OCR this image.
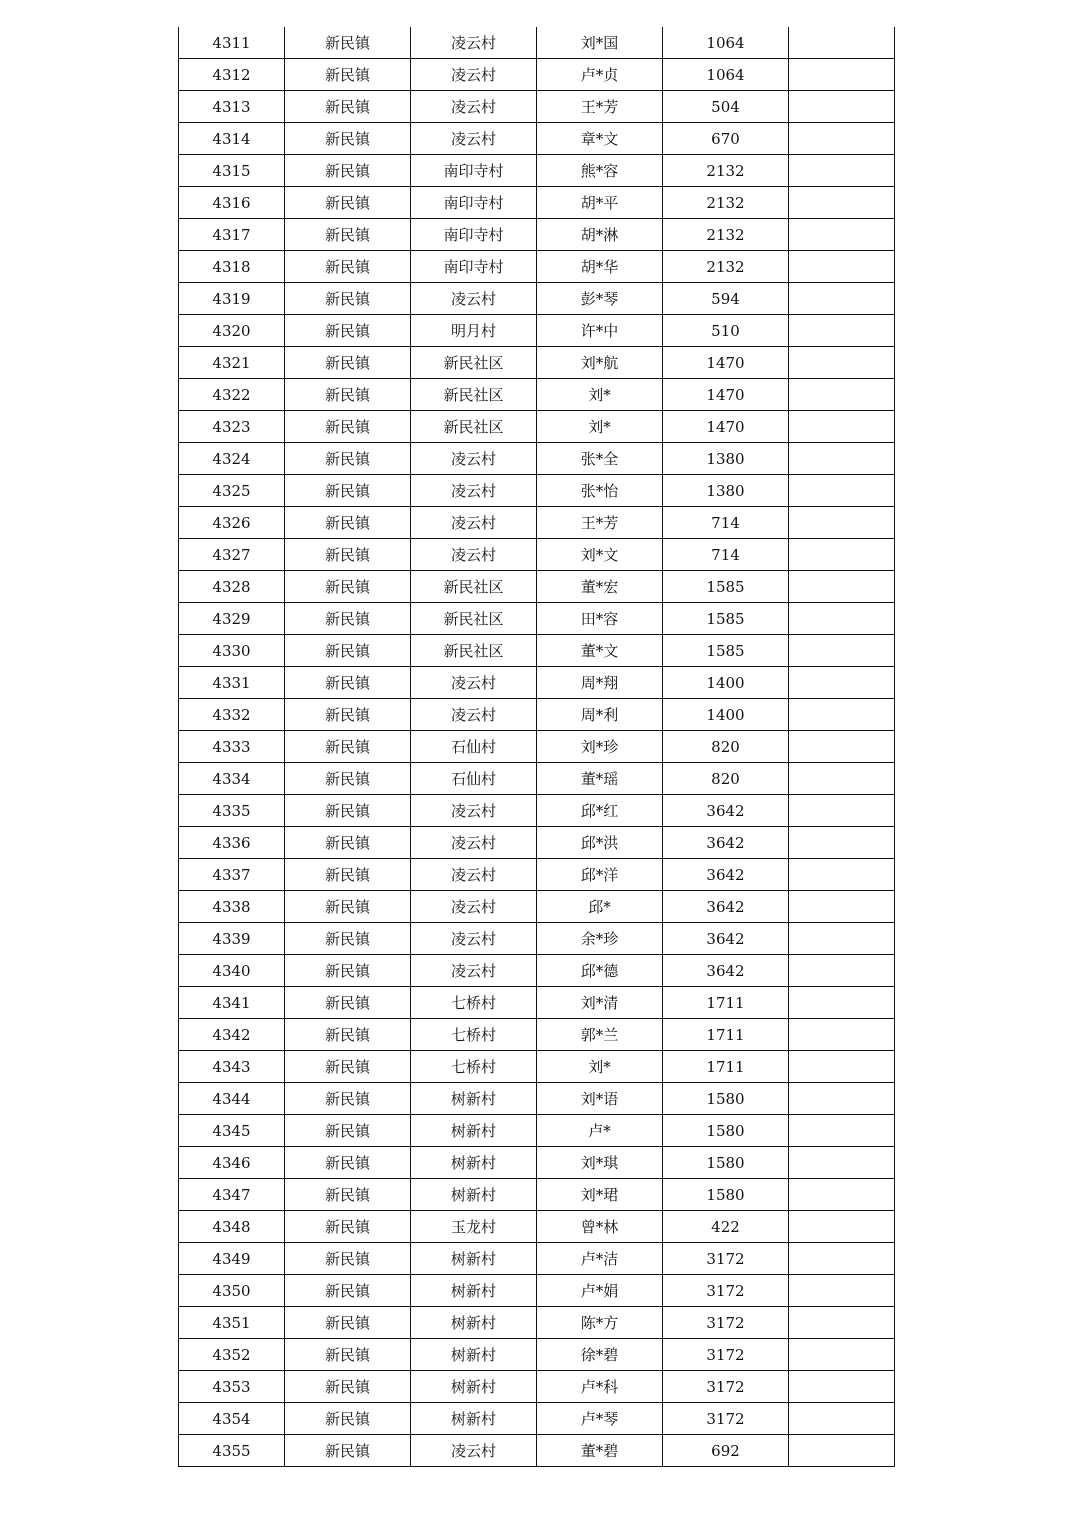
4311	新民镇	凌云村	刘*国	1064	
4312	新民镇	凌云村	卢*贞	1064	
4313	新民镇	凌云村	王*芳	504	
4314	新民镇	凌云村	章*文	670	
4315	新民镇	南印寺村	熊*容	2132	
4316	新民镇	南印寺村	胡*平	2132	
4317	新民镇	南印寺村	胡*淋	2132	
4318	新民镇	南印寺村	胡*华	2132	
4319	新民镇	凌云村	彭*琴	594	
4320	新民镇	明月村	许*中	510	
4321	新民镇	新民社区	刘*航	1470	
4322	新民镇	新民社区	刘*	1470	
4323	新民镇	新民社区	刘*	1470	
4324	新民镇	凌云村	张*全	1380	
4325	新民镇	凌云村	张*怡	1380	
4326	新民镇	凌云村	王*芳	714	
4327	新民镇	凌云村	刘*文	714	
4328	新民镇	新民社区	董*宏	1585	
4329	新民镇	新民社区	田*容	1585	
4330	新民镇	新民社区	董*文	1585	
4331	新民镇	凌云村	周*翔	1400	
4332	新民镇	凌云村	周*利	1400	
4333	新民镇	石仙村	刘*珍	820	
4334	新民镇	石仙村	董*瑶	820	
4335	新民镇	凌云村	邱*红	3642	
4336	新民镇	凌云村	邱*洪	3642	
4337	新民镇	凌云村	邱*洋	3642	
4338	新民镇	凌云村	邱*	3642	
4339	新民镇	凌云村	余*珍	3642	
4340	新民镇	凌云村	邱*德	3642	
4341	新民镇	七桥村	刘*清	1711	
4342	新民镇	七桥村	郭*兰	1711	
4343	新民镇	七桥村	刘*	1711	
4344	新民镇	树新村	刘*语	1580	
4345	新民镇	树新村	卢*	1580	
4346	新民镇	树新村	刘*琪	1580	
4347	新民镇	树新村	刘*珺	1580	
4348	新民镇	玉龙村	曾*林	422	
4349	新民镇	树新村	卢*洁	3172	
4350	新民镇	树新村	卢*娟	3172	
4351	新民镇	树新村	陈*方	3172	
4352	新民镇	树新村	徐*碧	3172	
4353	新民镇	树新村	卢*科	3172	
4354	新民镇	树新村	卢*琴	3172	
4355	新民镇	凌云村	董*碧	692	
